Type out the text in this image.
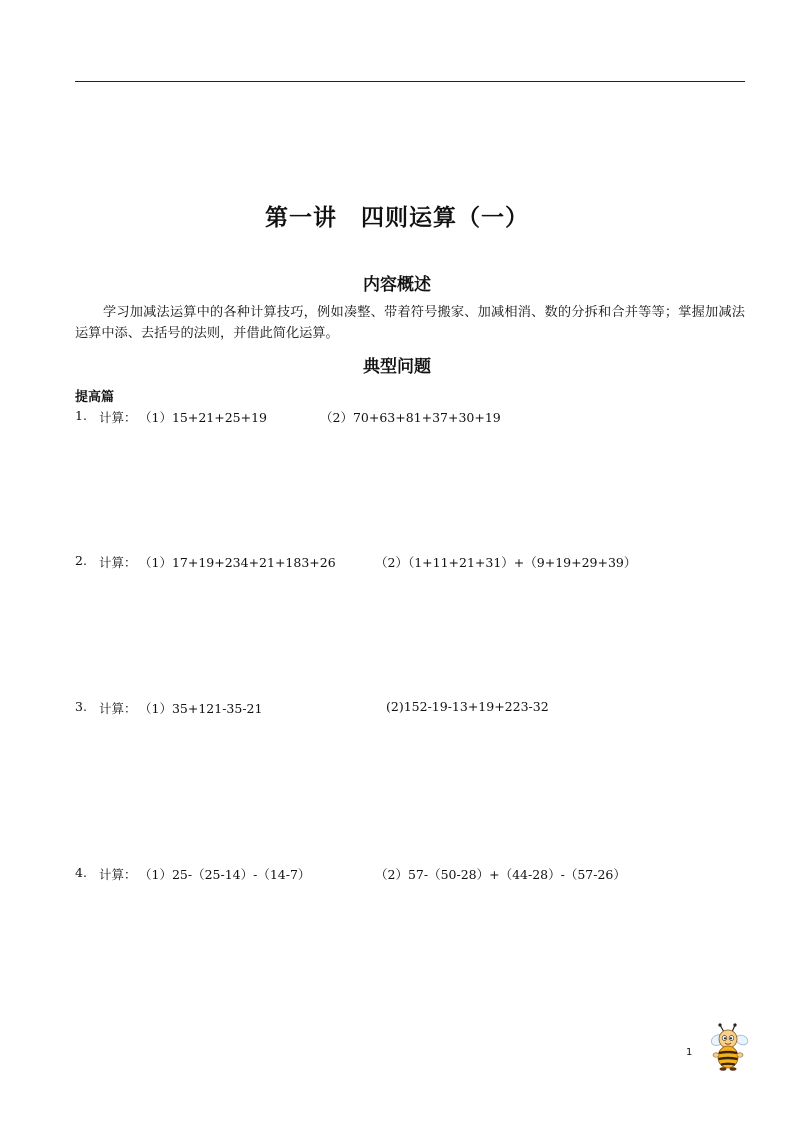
第一讲　四则运算（一）
内容概述

学习加减法运算中的各种计算技巧，例如凑整、带着符号搬家、加减相消、数的分拆和合并等等；掌握加减法运算中添、去括号的法则，并借此简化运算。

典型问题
提高篇
1. 计算： （1）15+21+25+19	（2）70+63+81+37+30+19
2. 计算： （1）17+19+234+21+183+26	（2）（1+11+21+31）+（9+19+29+39）
3. 计算： （1）35+121-35-21	(2)152-19-13+19+223-32
4. 计算： （1）25-（25-14）-（14-7）	（2）57-（50-28）+（44-28）-（57-26）
1
